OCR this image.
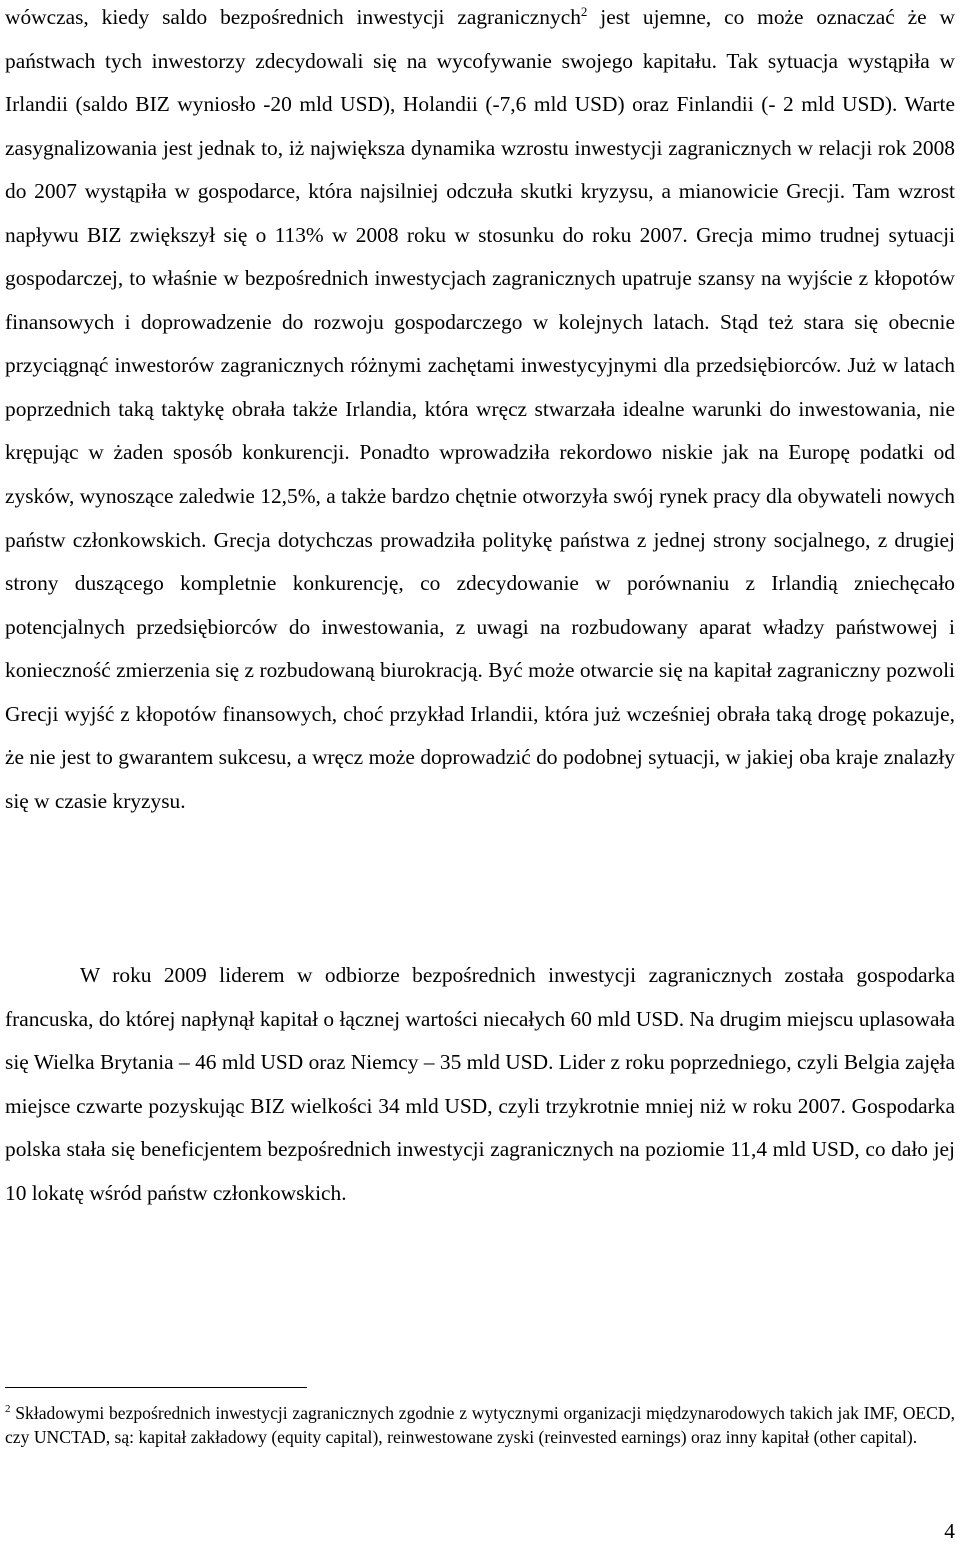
wówczas, kiedy saldo bezpośrednich inwestycji zagranicznych$^2$ jest ujemne, co może oznaczać że w państwach tych inwestorzy zdecydowali się na wycofywanie swojego kapitału. Tak sytuacja wystąpiła w Irlandii (saldo BIZ wyniosło -20 mld USD), Holandii (-7,6 mld USD) oraz Finlandii (- 2 mld USD). Warte zasygnalizowania jest jednak to, iż największa dynamika wzrostu inwestycji zagranicznych w relacji rok 2008 do 2007 wystąpiła w gospodarce, która najsilniej odczuła skutki kryzysu, a mianowicie Grecji. Tam wzrost napływu BIZ zwiększył się o 113% w 2008 roku w stosunku do roku 2007. Grecja mimo trudnej sytuacji gospodarczej, to właśnie w bezpośrednich inwestycjach zagranicznych upatruje szansy na wyjście z kłopotów finansowych i doprowadzenie do rozwoju gospodarczego w kolejnych latach. Stąd też stara się obecnie przyciągnąć inwestorów zagranicznych różnymi zachętami inwestycyjnymi dla przedsiębiorców. Już w latach poprzednich taką taktykę obrała także Irlandia, która wręcz stwarzała idealne warunki do inwestowania, nie krępując w żaden sposób konkurencji. Ponadto wprowadziła rekordowo niskie jak na Europę podatki od zysków, wynoszące zaledwie 12,5%, a także bardzo chętnie otworzyła swój rynek pracy dla obywateli nowych państw członkowskich. Grecja dotychczas prowadziła politykę państwa z jednej strony socjalnego, z drugiej strony duszącego kompletnie konkurencję, co zdecydowanie w porównaniu z Irlandią zniechęcało potencjalnych przedsiębiorców do inwestowania, z uwagi na rozbudowany aparat władzy państwowej i konieczność zmierzenia się z rozbudowaną biurokracją. Być może otwarcie się na kapitał zagraniczny pozwoli Grecji wyjść z kłopotów finansowych, choć przykład Irlandii, która już wcześniej obrała taką drogę pokazuje, że nie jest to gwarantem sukcesu, a wręcz może doprowadzić do podobnej sytuacji, w jakiej oba kraje znalazły się w czasie kryzysu.

W roku 2009 liderem w odbiorze bezpośrednich inwestycji zagranicznych została gospodarka francuska, do której napłynął kapitał o łącznej wartości niecałych 60 mld USD. Na drugim miejscu uplasowała się Wielka Brytania – 46 mld USD oraz Niemcy – 35 mld USD. Lider z roku poprzedniego, czyli Belgia zajęła miejsce czwarte pozyskując BIZ wielkości 34 mld USD, czyli trzykrotnie mniej niż w roku 2007. Gospodarka polska stała się beneficjentem bezpośrednich inwestycji zagranicznych na poziomie 11,4 mld USD, co dało jej 10 lokatę wśród państw członkowskich.

$^2$ Składowymi bezpośrednich inwestycji zagranicznych zgodnie z wytycznymi organizacji międzynarodowych takich jak IMF, OECD, czy UNCTAD, są: kapitał zakładowy (equity capital), reinwestowane zyski (reinvested earnings) oraz inny kapitał (other capital).

4
